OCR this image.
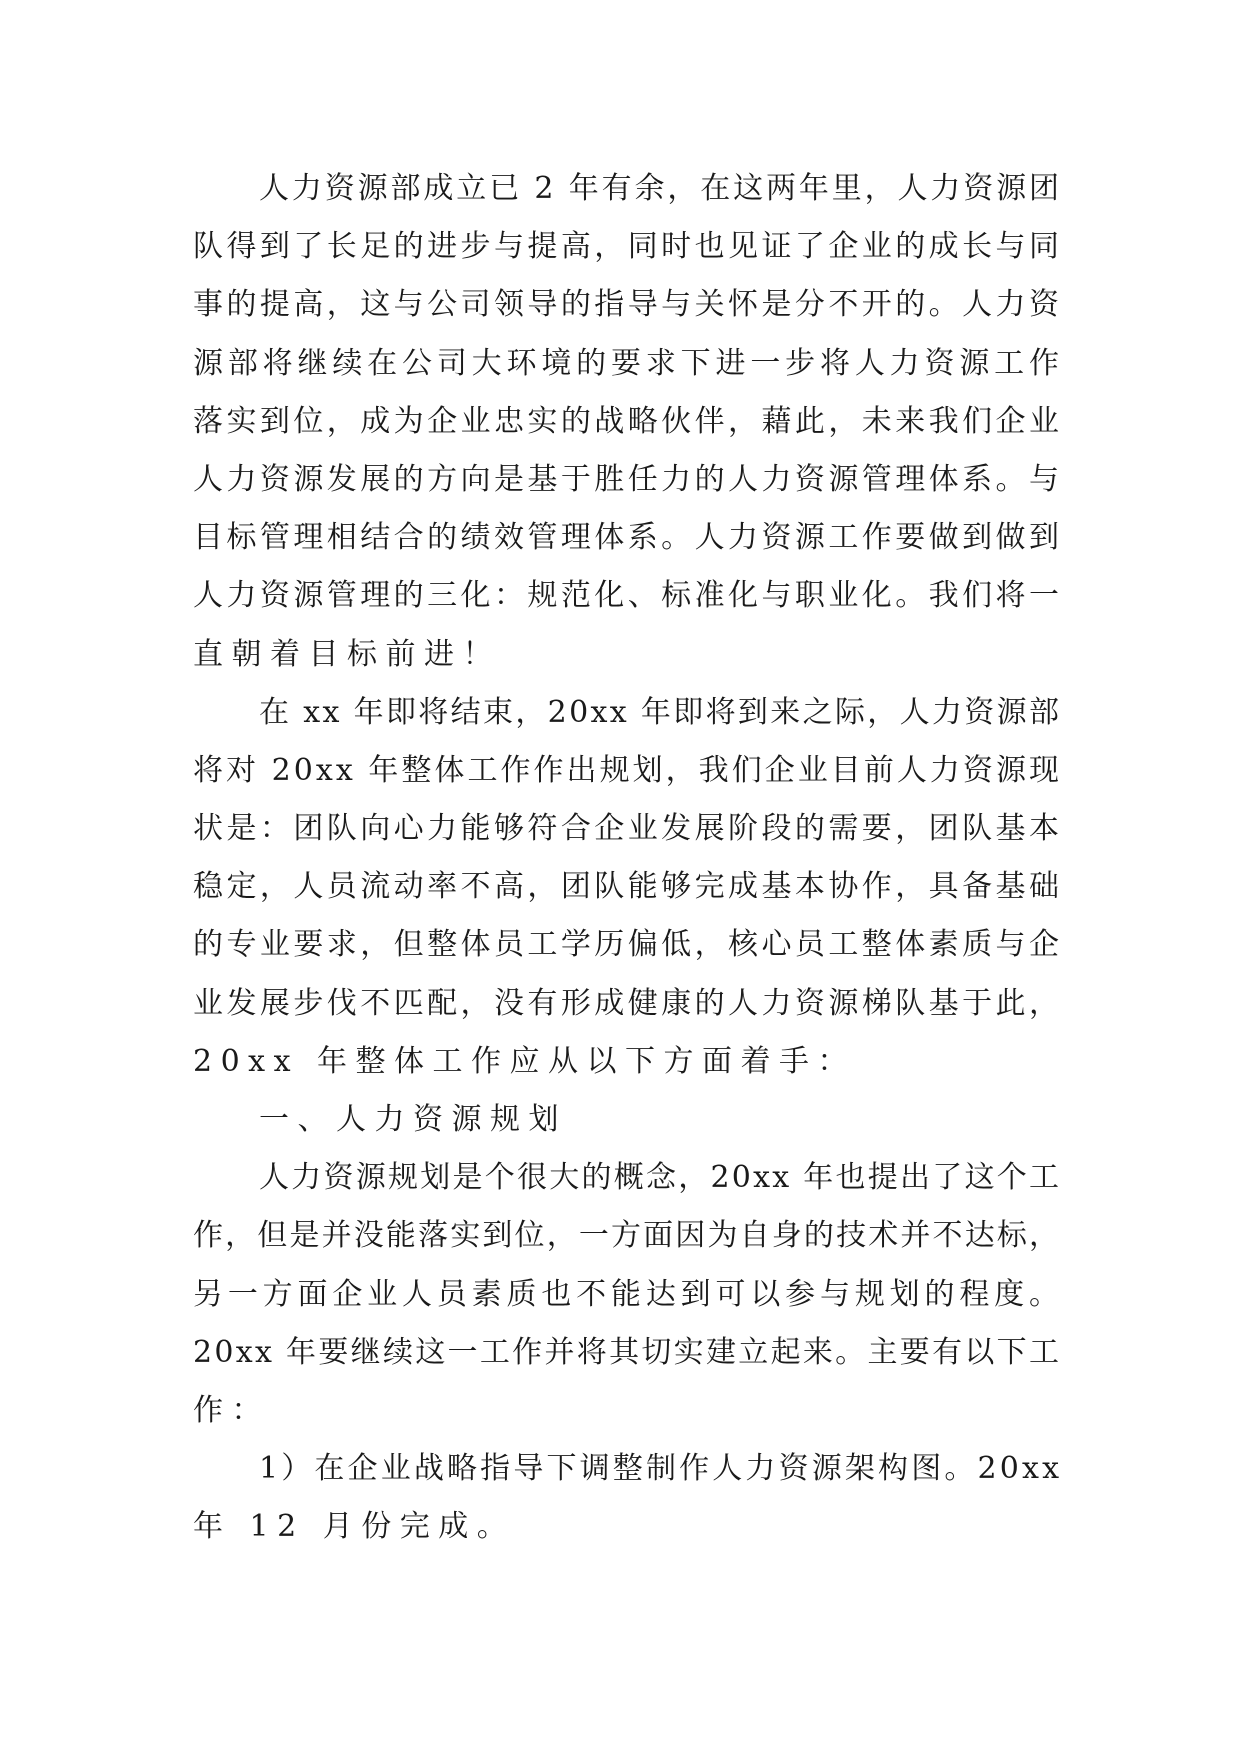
人力资源部成立已 2 年有余，在这两年里，人力资源团
队得到了长足的进步与提高，同时也见证了企业的成长与同
事的提高，这与公司领导的指导与关怀是分不开的。人力资
源部将继续在公司大环境的要求下进一步将人力资源工作
落实到位，成为企业忠实的战略伙伴，藉此，未来我们企业
人力资源发展的方向是基于胜任力的人力资源管理体系。与
目标管理相结合的绩效管理体系。人力资源工作要做到做到
人力资源管理的三化：规范化、标准化与职业化。我们将一
直朝着目标前进！
在 xx 年即将结束，20xx 年即将到来之际，人力资源部
将对 20xx 年整体工作作出规划，我们企业目前人力资源现
状是：团队向心力能够符合企业发展阶段的需要，团队基本
稳定，人员流动率不高，团队能够完成基本协作，具备基础
的专业要求，但整体员工学历偏低，核心员工整体素质与企
业发展步伐不匹配，没有形成健康的人力资源梯队基于此，
20xx 年整体工作应从以下方面着手：
一、人力资源规划
人力资源规划是个很大的概念，20xx 年也提出了这个工
作，但是并没能落实到位，一方面因为自身的技术并不达标，
另一方面企业人员素质也不能达到可以参与规划的程度。
20xx 年要继续这一工作并将其切实建立起来。主要有以下工
作：
1）在企业战略指导下调整制作人力资源架构图。20xx
年 12 月份完成。
